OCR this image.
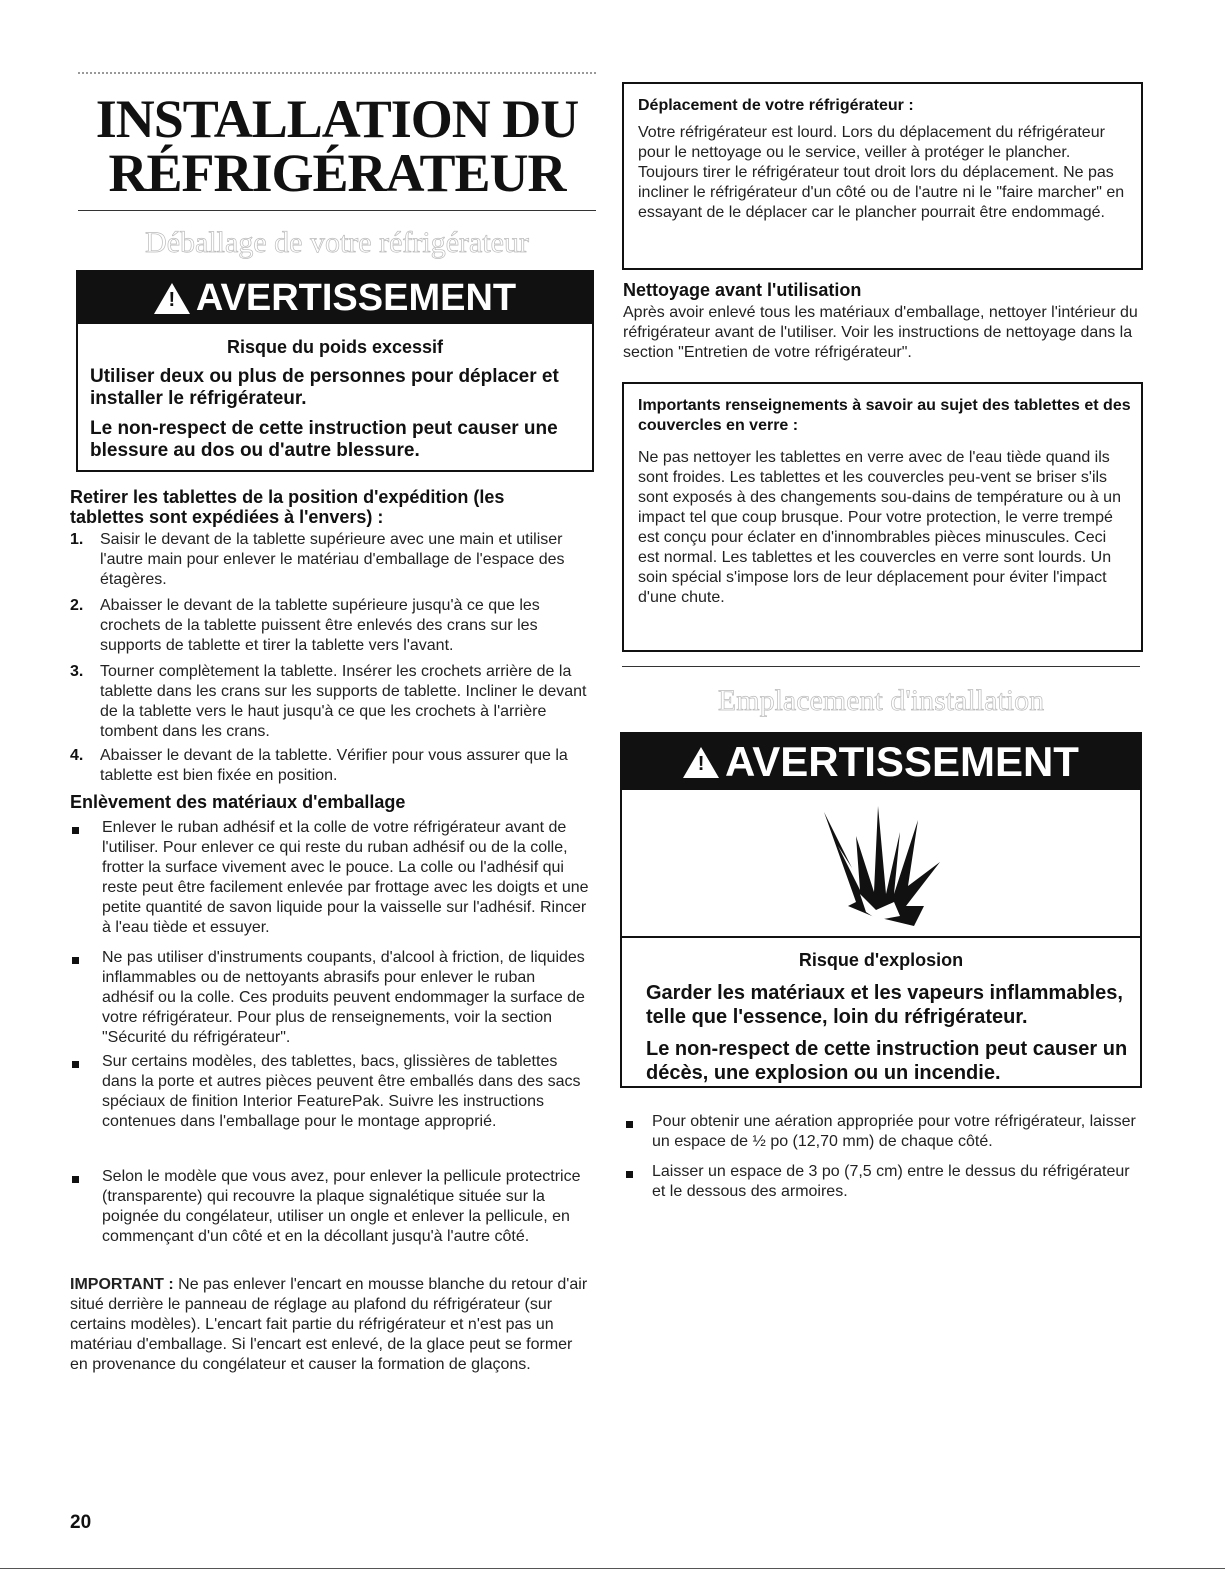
INSTALLATION DU
RÉFRIGÉRATEUR
Déballage de votre réfrigérateur
! AVERTISSEMENT
Risque du poids excessif
Utiliser deux ou plus de personnes pour déplacer et installer le réfrigérateur.
Le non-respect de cette instruction peut causer une blessure au dos ou d'autre blessure.
Retirer les tablettes de la position d'expédition (les tablettes sont expédiées à l'envers) :
1. Saisir le devant de la tablette supérieure avec une main et utiliser l'autre main pour enlever le matériau d'emballage de l'espace des étagères.
2. Abaisser le devant de la tablette supérieure jusqu'à ce que les crochets de la tablette puissent être enlevés des crans sur les supports de tablette et tirer la tablette vers l'avant.
3. Tourner complètement la tablette. Insérer les crochets arrière de la tablette dans les crans sur les supports de tablette. Incliner le devant de la tablette vers le haut jusqu'à ce que les crochets à l'arrière tombent dans les crans.
4. Abaisser le devant de la tablette. Vérifier pour vous assurer que la tablette est bien fixée en position.
Enlèvement des matériaux d'emballage
Enlever le ruban adhésif et la colle de votre réfrigérateur avant de l'utiliser. Pour enlever ce qui reste du ruban adhésif ou de la colle, frotter la surface vivement avec le pouce. La colle ou l'adhésif qui reste peut être facilement enlevée par frottage avec les doigts et une petite quantité de savon liquide pour la vaisselle sur l'adhésif. Rincer à l'eau tiède et essuyer.
Ne pas utiliser d'instruments coupants, d'alcool à friction, de liquides inflammables ou de nettoyants abrasifs pour enlever le ruban adhésif ou la colle. Ces produits peuvent endommager la surface de votre réfrigérateur. Pour plus de renseignements, voir la section "Sécurité du réfrigérateur".
Sur certains modèles, des tablettes, bacs, glissières de tablettes dans la porte et autres pièces peuvent être emballés dans des sacs spéciaux de finition Interior FeaturePak. Suivre les instructions contenues dans l'emballage pour le montage approprié.
Selon le modèle que vous avez, pour enlever la pellicule protectrice (transparente) qui recouvre la plaque signalétique située sur la poignée du congélateur, utiliser un ongle et enlever la pellicule, en commençant d'un côté et en la décollant jusqu'à l'autre côté.
IMPORTANT : Ne pas enlever l'encart en mousse blanche du retour d'air situé derrière le panneau de réglage au plafond du réfrigérateur (sur certains modèles). L'encart fait partie du réfrigérateur et n'est pas un matériau d'emballage. Si l'encart est enlevé, de la glace peut se former en provenance du congélateur et causer la formation de glaçons.
20
Déplacement de votre réfrigérateur :
Votre réfrigérateur est lourd. Lors du déplacement du réfrigérateur pour le nettoyage ou le service, veiller à protéger le plancher. Toujours tirer le réfrigérateur tout droit lors du déplacement. Ne pas incliner le réfrigérateur d'un côté ou de l'autre ni le "faire marcher" en essayant de le déplacer car le plancher pourrait être endommagé.
Nettoyage avant l'utilisation
Après avoir enlevé tous les matériaux d'emballage, nettoyer l'intérieur du réfrigérateur avant de l'utiliser. Voir les instructions de nettoyage dans la section "Entretien de votre réfrigérateur".
Importants renseignements à savoir au sujet des tablettes et des couvercles en verre :
Ne pas nettoyer les tablettes en verre avec de l'eau tiède quand ils sont froides. Les tablettes et les couvercles peu-vent se briser s'ils sont exposés à des changements sou-dains de température ou à un impact tel que coup brusque. Pour votre protection, le verre trempé est conçu pour éclater en d'innombrables pièces minuscules. Ceci est normal. Les tablettes et les couvercles en verre sont lourds. Un soin spécial s'impose lors de leur déplacement pour éviter l'impact d'une chute.
Emplacement d'installation
! AVERTISSEMENT
Risque d'explosion
Garder les matériaux et les vapeurs inflammables, telle que l'essence, loin du réfrigérateur.
Le non-respect de cette instruction peut causer un décès, une explosion ou un incendie.
Pour obtenir une aération appropriée pour votre réfrigérateur, laisser un espace de ½ po (12,70 mm) de chaque côté.
Laisser un espace de 3 po (7,5 cm) entre le dessus du réfrigérateur et le dessous des armoires.
